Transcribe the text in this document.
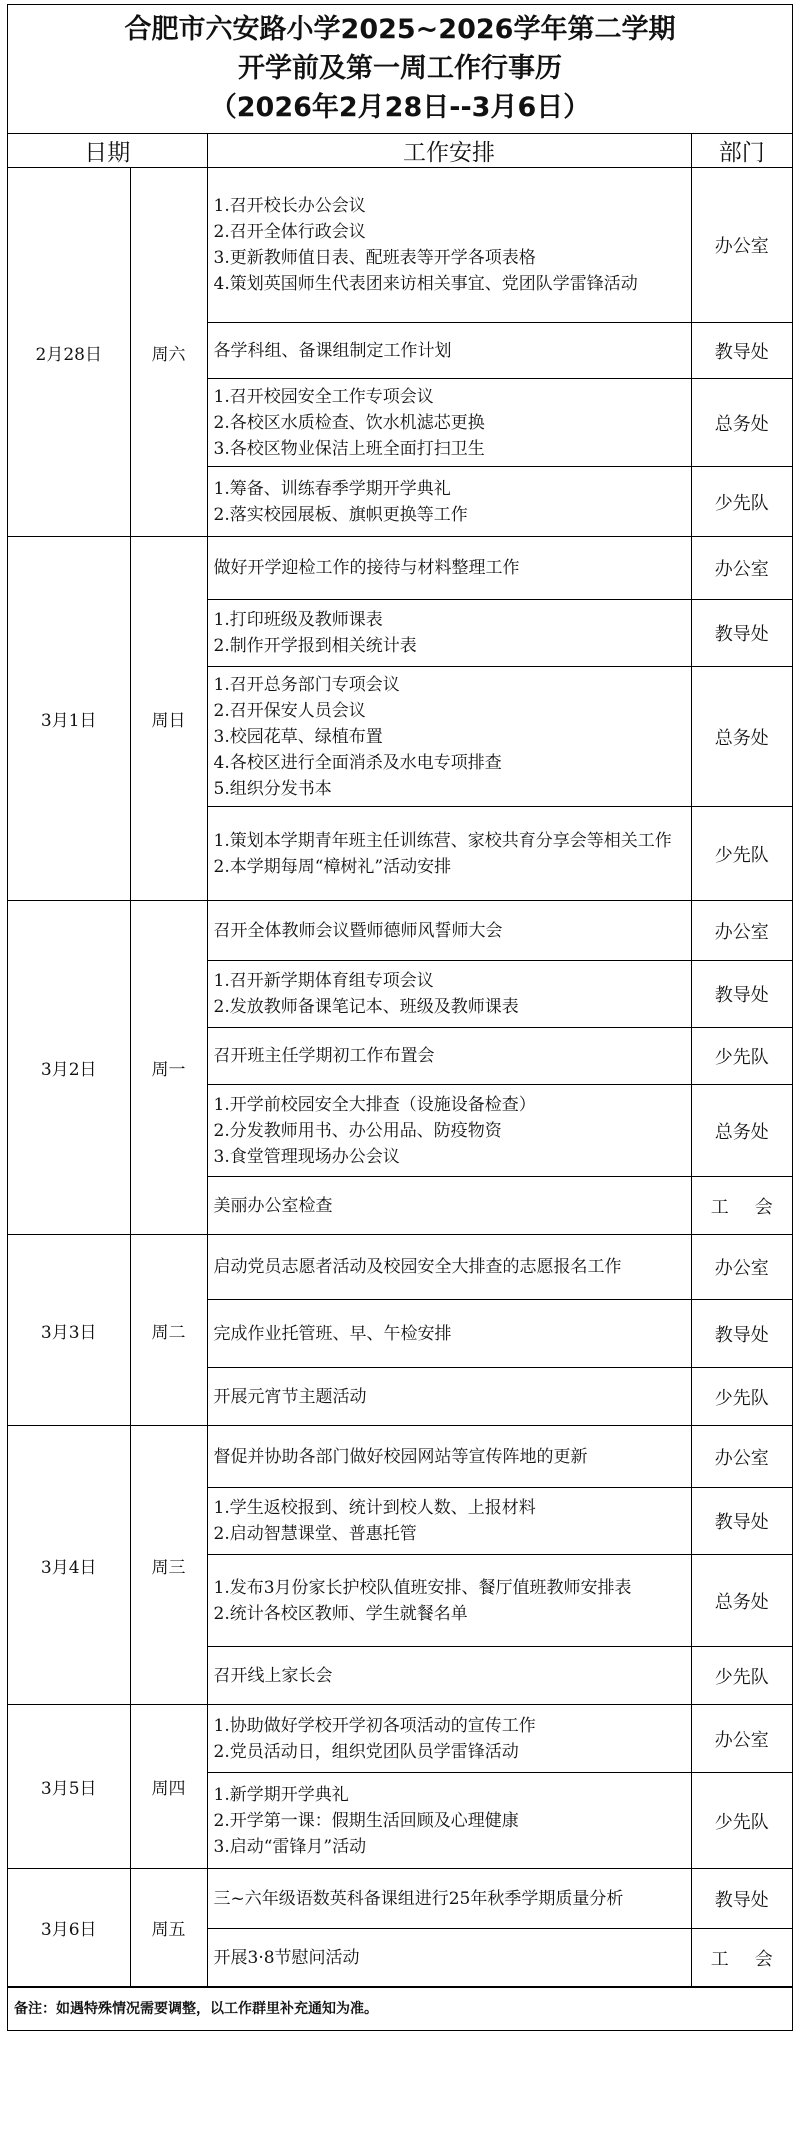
合肥市六安路小学2025~2026学年第二学期
开学前及第一周工作行事历
（2026年2月28日--3月6日）
日期		工作安排	部门
2月28日	周六	1.召开校长办公会议
2.召开全体行政会议
3.更新教师值日表、配班表等开学各项表格
4.策划英国师生代表团来访相关事宜、党团队学雷锋活动	办公室

		各学科组、备课组制定工作计划	教导处

		1.召开校园安全工作专项会议
2.各校区水质检查、饮水机滤芯更换
3.各校区物业保洁上班全面打扫卫生	总务处

		1.筹备、训练春季学期开学典礼
2.落实校园展板、旗帜更换等工作	少先队
3月1日	周日	做好开学迎检工作的接待与材料整理工作	办公室

		1.打印班级及教师课表
2.制作开学报到相关统计表	教导处

		1.召开总务部门专项会议
2.召开保安人员会议
3.校园花草、绿植布置
4.各校区进行全面消杀及水电专项排查
5.组织分发书本	总务处

		1.策划本学期青年班主任训练营、家校共育分享会等相关工作
2.本学期每周“樟树礼”活动安排	少先队
3月2日	周一	召开全体教师会议暨师德师风誓师大会	办公室

		1.召开新学期体育组专项会议
2.发放教师备课笔记本、班级及教师课表	教导处

		召开班主任学期初工作布置会	少先队

		1.开学前校园安全大排查（设施设备检查）
2.分发教师用书、办公用品、防疫物资
3.食堂管理现场办公会议	总务处

		美丽办公室检查	工会
3月3日	周二	启动党员志愿者活动及校园安全大排查的志愿报名工作	办公室

		完成作业托管班、早、午检安排	教导处

		开展元宵节主题活动	少先队
3月4日	周三	督促并协助各部门做好校园网站等宣传阵地的更新	办公室

		1.学生返校报到、统计到校人数、上报材料
2.启动智慧课堂、普惠托管	教导处

		1.发布3月份家长护校队值班安排、餐厅值班教师安排表
2.统计各校区教师、学生就餐名单	总务处

		召开线上家长会	少先队
3月5日	周四	1.协助做好学校开学初各项活动的宣传工作
2.党员活动日，组织党团队员学雷锋活动	办公室

		1.新学期开学典礼
2.开学第一课：假期生活回顾及心理健康
3.启动“雷锋月”活动	少先队
3月6日	周五	三~六年级语数英科备课组进行25年秋季学期质量分析	教导处

		开展3·8节慰问活动	工会
备注：如遇特殊情况需要调整，以工作群里补充通知为准。
